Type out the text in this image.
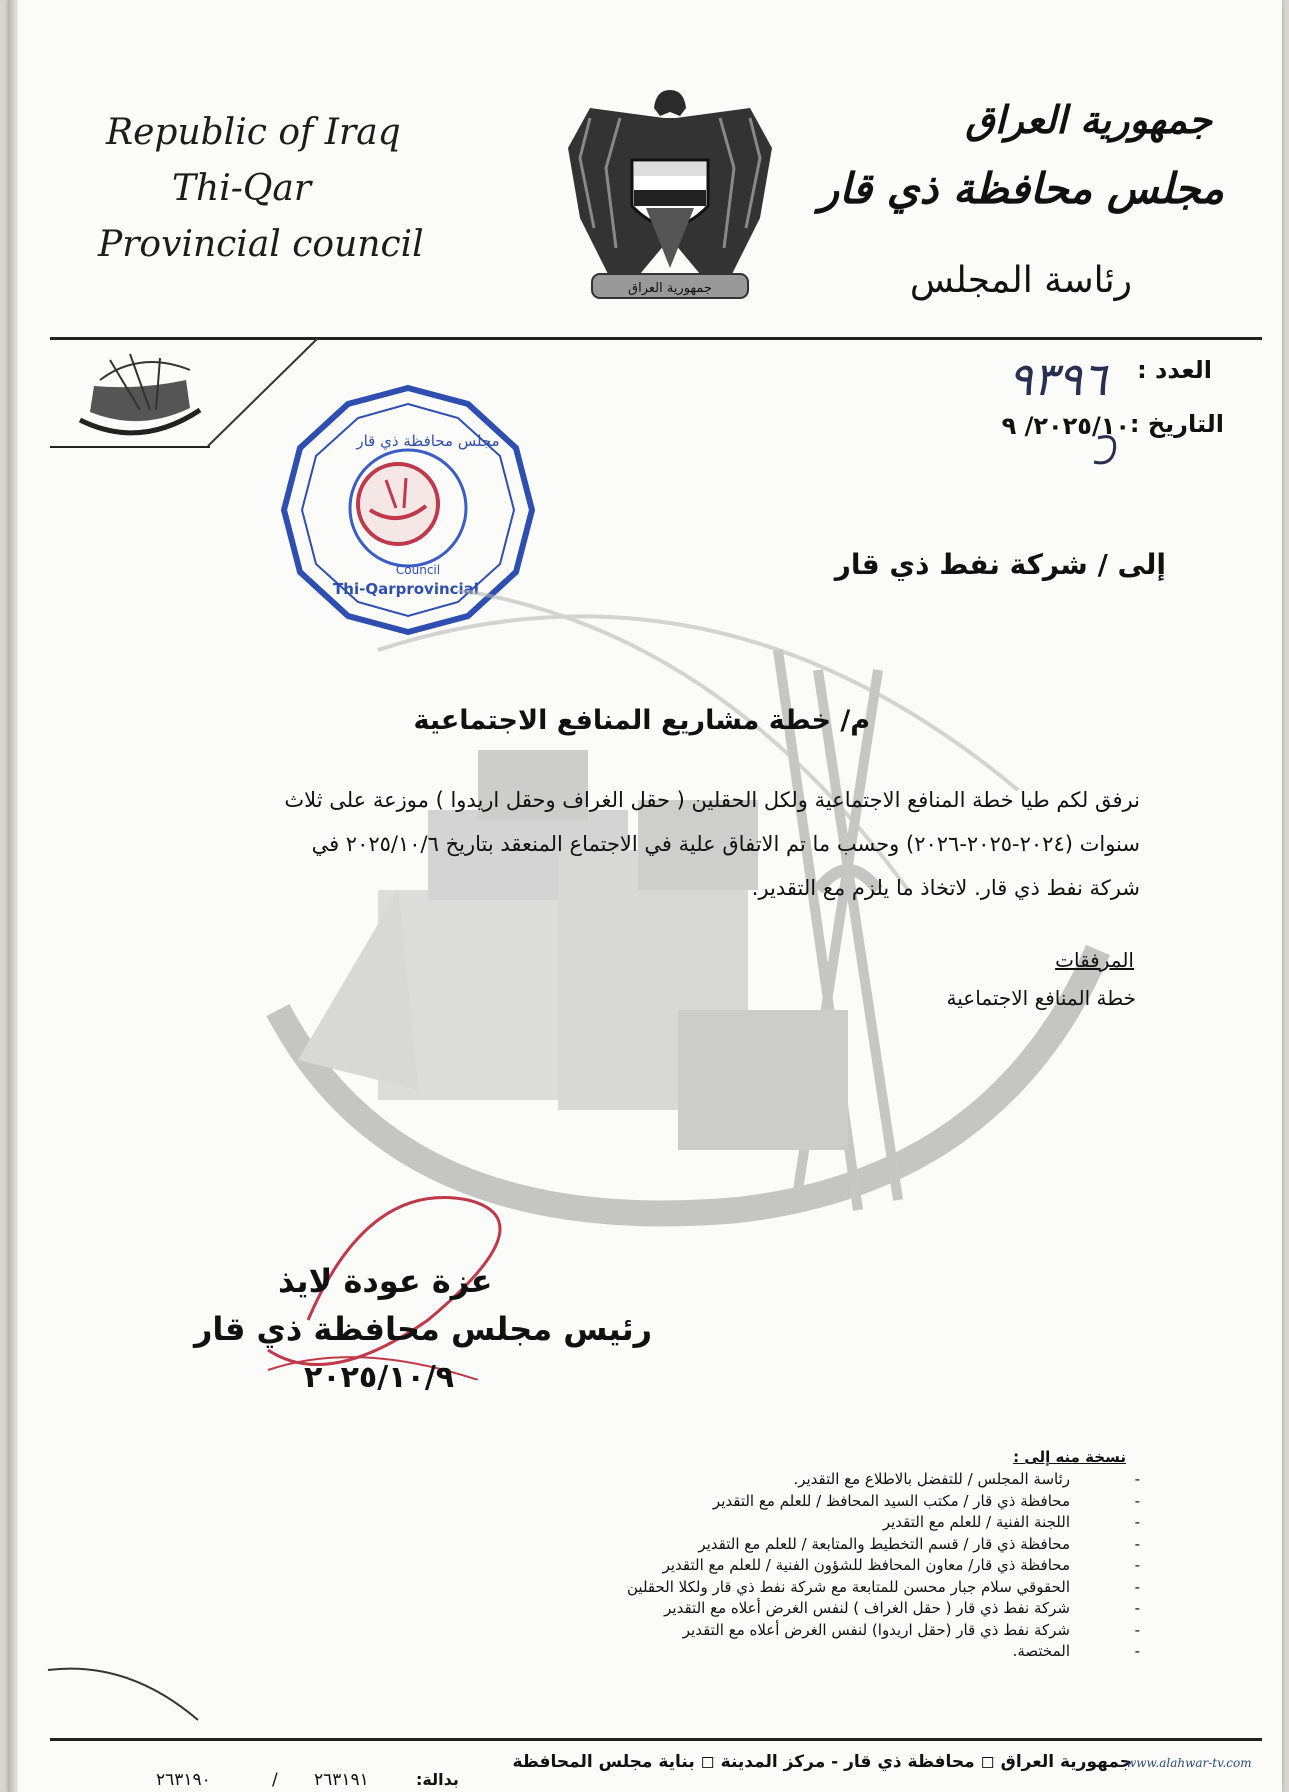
Republic of Iraq
Thi-Qar
Provincial council
جمهورية العراق
جمهورية العراق
مجلس محافظة ذي قار
رئاسة المجلس
العدد :
٩٣٩٦
التاريخ :
٢٠٢٥/١٠/ ٩
مجلس محافظة ذي قار
Council
Thi-Qarprovincial
إلى / شركة نفط ذي قار
م/ خطة مشاريع المنافع الاجتماعية
نرفق لكم طيا خطة المنافع الاجتماعية ولكل الحقلين ( حقل الغراف وحقل اريدوا ) موزعة على ثلاث
سنوات (٢٠٢٤-٢٠٢٥-٢٠٢٦) وحسب ما تم الاتفاق علية في الاجتماع المنعقد بتاريخ ٢٠٢٥/١٠/٦ في
شركة نفط ذي قار. لاتخاذ ما يلزم مع التقدير.
المرفقات
خطة المنافع الاجتماعية
عزة عودة لايذ
رئيس مجلس محافظة ذي قار
٢٠٢٥/١٠/٩
نسخة منه إلى :
رئاسة المجلس / للتفضل بالاطلاع مع التقدير. -
محافظة ذي قار / مكتب السيد المحافظ / للعلم مع التقدير -
اللجنة الفنية / للعلم مع التقدير -
محافظة ذي قار / قسم التخطيط والمتابعة / للعلم مع التقدير -
محافظة ذي قار/ معاون المحافظ للشؤون الفنية / للعلم مع التقدير -
الحقوقي سلام جبار محسن للمتابعة مع شركة نفط ذي قار ولكلا الحقلين -
شركة نفط ذي قار ( حقل الغراف ) لنفس الغرض أعلاه مع التقدير -
شركة نفط ذي قار (حقل اريدوا) لنفس الغرض أعلاه مع التقدير -
المختصة. -
جمهورية العراق ◻ محافظة ذي قار - مركز المدينة ◻ بناية مجلس المحافظة
بدالة:
٢٦٣١٩١
/
٢٦٣١٩٠
www.alahwar-tv.com
